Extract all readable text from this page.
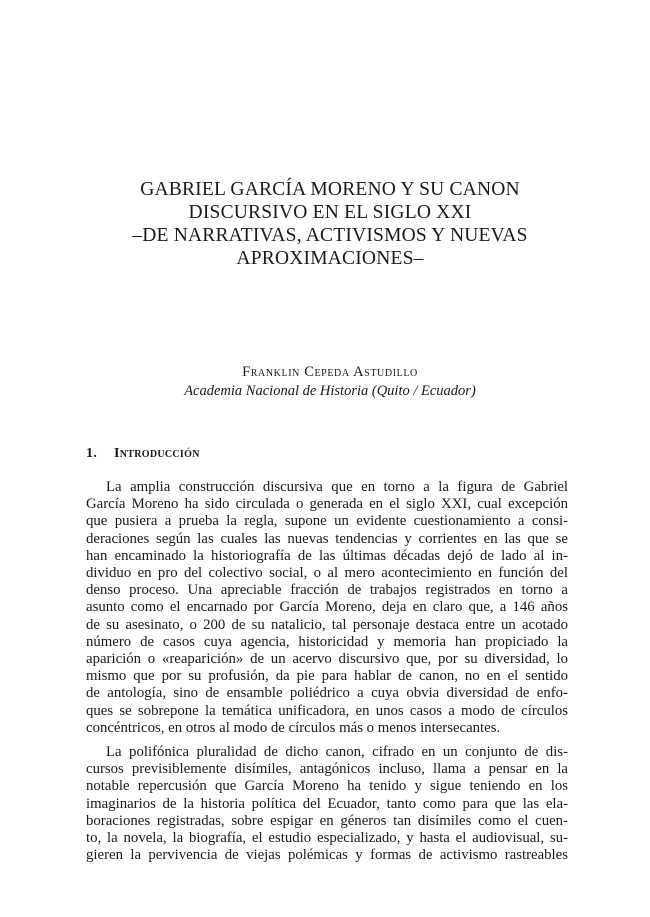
GABRIEL GARCÍA MORENO Y SU CANON
DISCURSIVO EN EL SIGLO XXI
–DE NARRATIVAS, ACTIVISMOS Y NUEVAS
APROXIMACIONES–
Franklin Cepeda Astudillo
Academia Nacional de Historia (Quito / Ecuador)
1. Introducción
La amplia construcción discursiva que en torno a la figura de Gabriel
García Moreno ha sido circulada o generada en el siglo XXI, cual excepción
que pusiera a prueba la regla, supone un evidente cuestionamiento a consi-
deraciones según las cuales las nuevas tendencias y corrientes en las que se
han encaminado la historiografía de las últimas décadas dejó de lado al in-
dividuo en pro del colectivo social, o al mero acontecimiento en función del
denso proceso. Una apreciable fracción de trabajos registrados en torno a
asunto como el encarnado por García Moreno, deja en claro que, a 146 años
de su asesinato, o 200 de su natalicio, tal personaje destaca entre un acotado
número de casos cuya agencia, historicidad y memoria han propiciado la
aparición o «reaparición» de un acervo discursivo que, por su diversidad, lo
mismo que por su profusión, da pie para hablar de canon, no en el sentido
de antología, sino de ensamble poliédrico a cuya obvia diversidad de enfo-
ques se sobrepone la temática unificadora, en unos casos a modo de círculos
concéntricos, en otros al modo de círculos más o menos intersecantes.
La polifónica pluralidad de dicho canon, cifrado en un conjunto de dis-
cursos previsiblemente disímiles, antagónicos incluso, llama a pensar en la
notable repercusión que García Moreno ha tenido y sigue teniendo en los
imaginarios de la historia política del Ecuador, tanto como para que las ela-
boraciones registradas, sobre espigar en géneros tan disímiles como el cuen-
to, la novela, la biografía, el estudio especializado, y hasta el audiovisual, su-
gieren la pervivencia de viejas polémicas y formas de activismo rastreables
